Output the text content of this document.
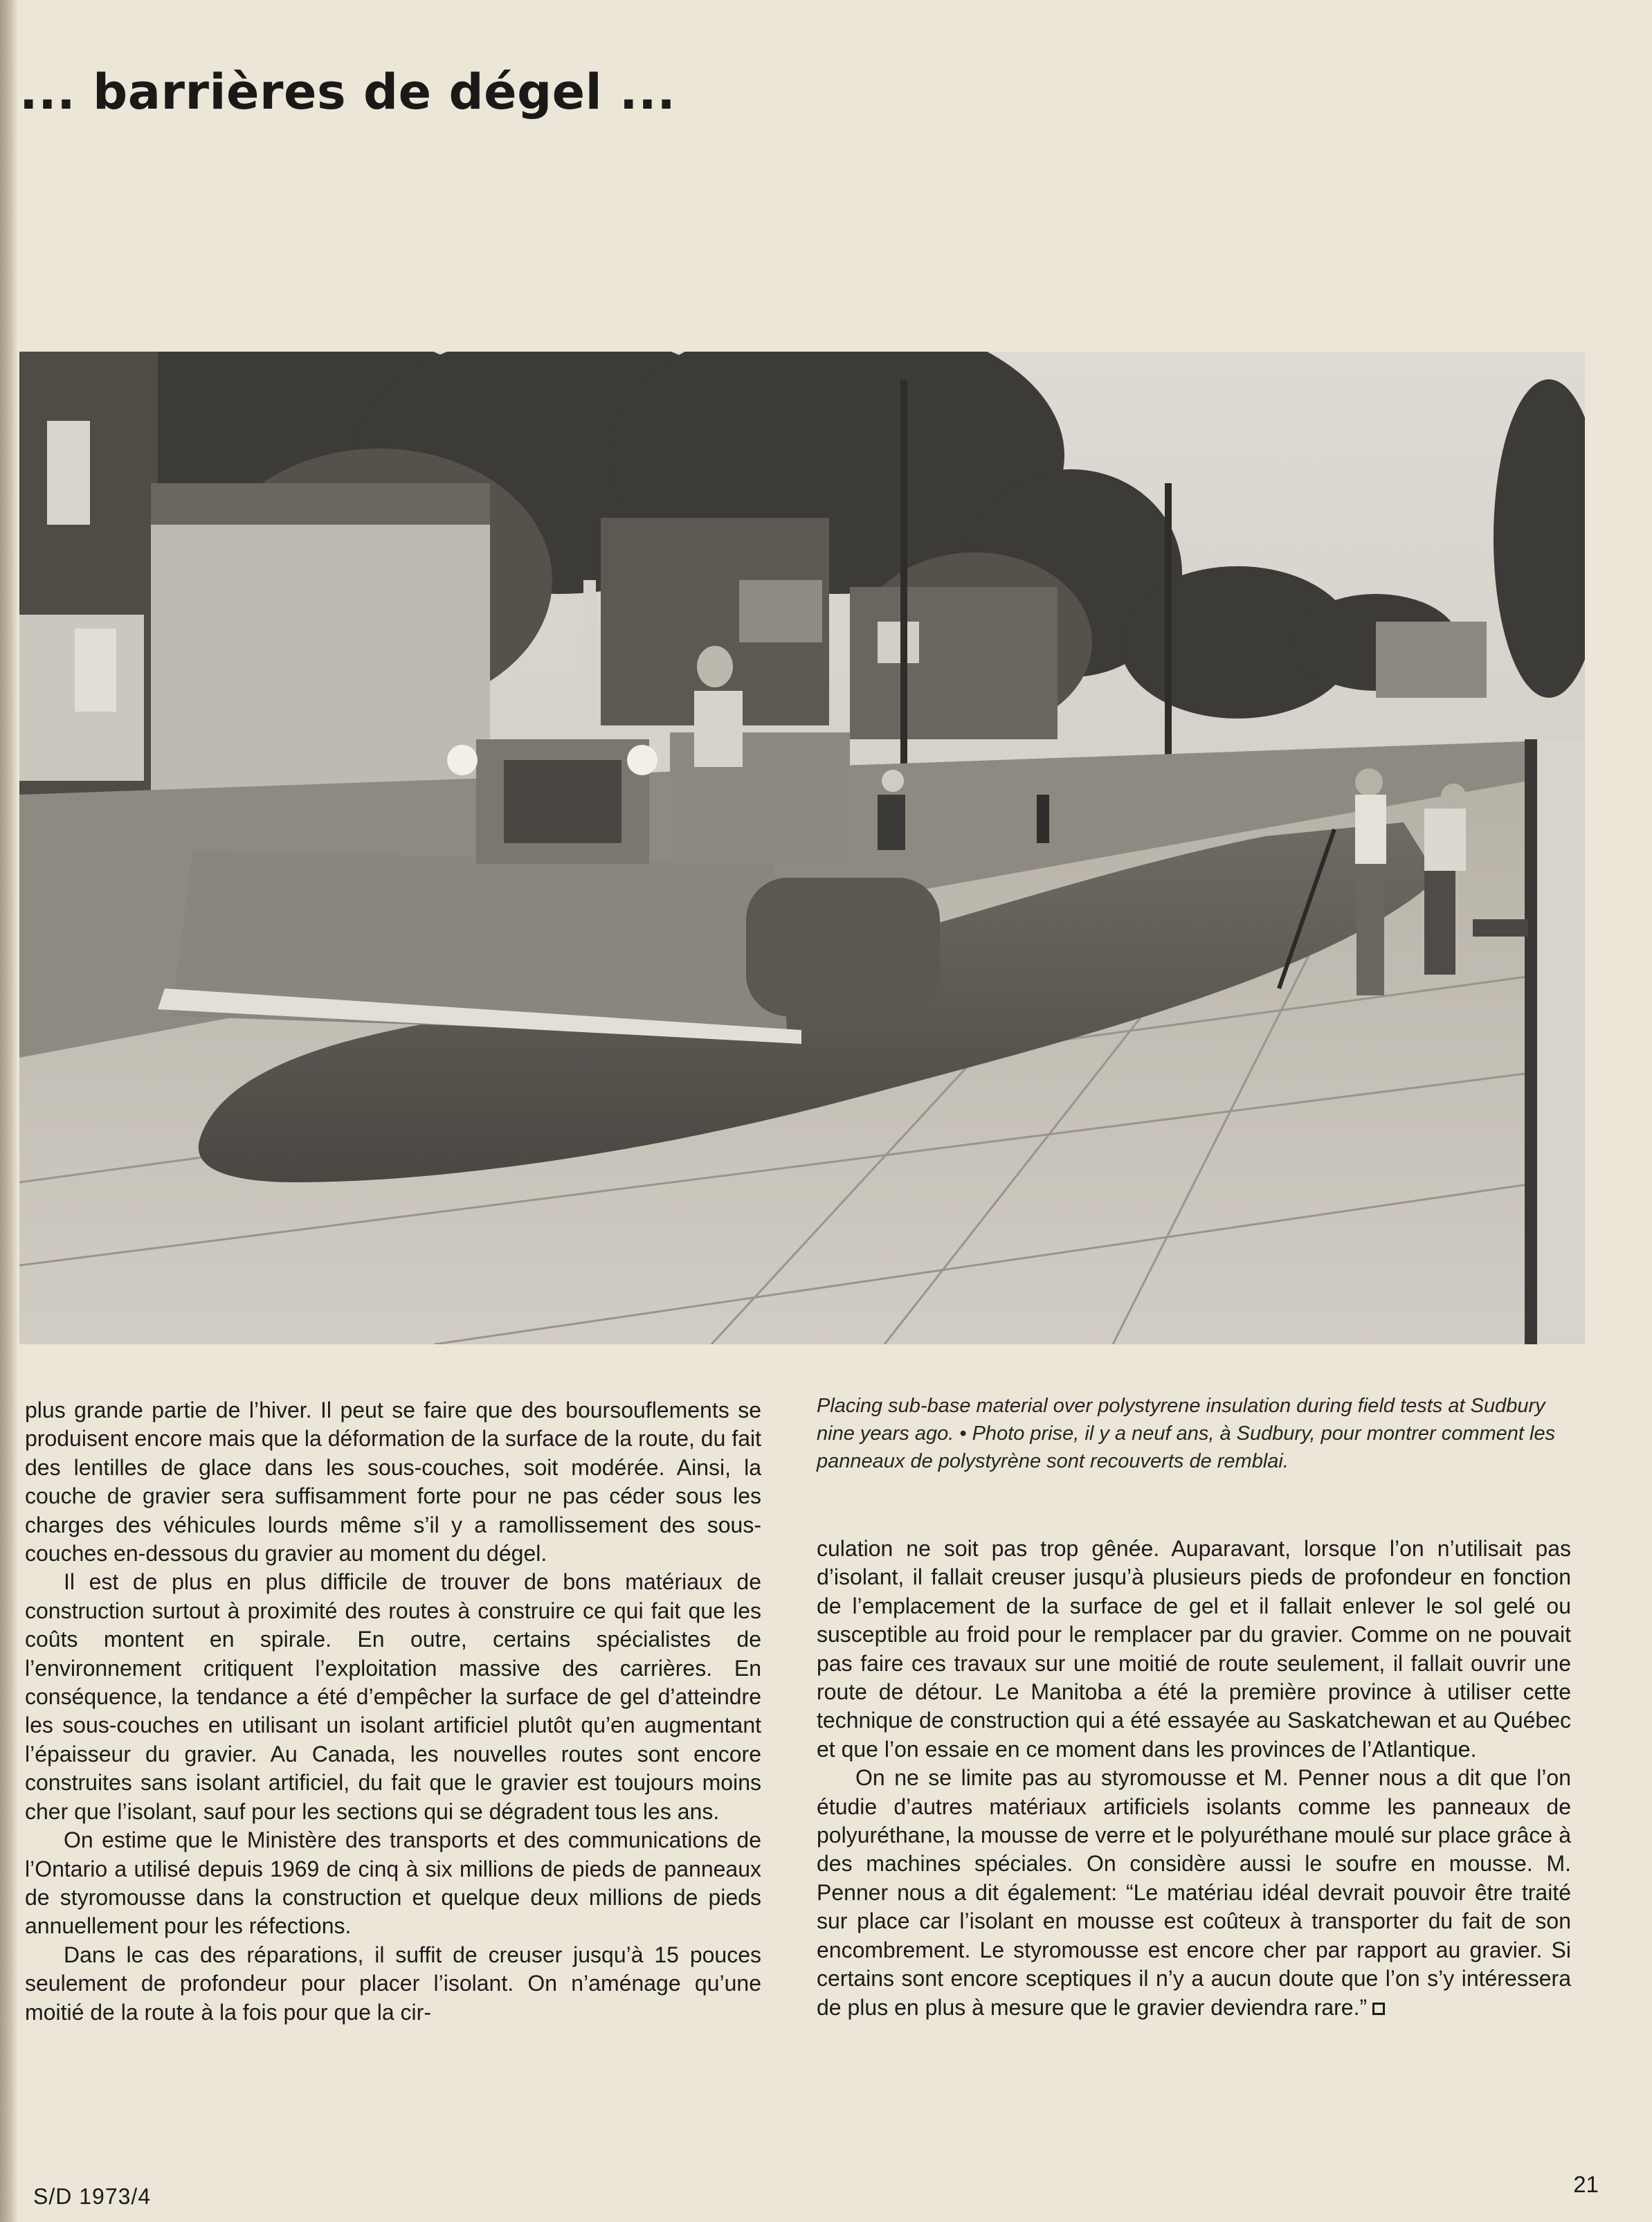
... barrières de dégel ...

plus grande partie de l’hiver. Il peut se faire que des boursouflements se produisent encore mais que la déformation de la surface de la route, du fait des lentilles de glace dans les sous-couches, soit modérée. Ainsi, la couche de gravier sera suffisamment forte pour ne pas céder sous les charges des véhicules lourds même s’il y a ramollissement des sous-couches en-dessous du gravier au moment du dégel.

Il est de plus en plus difficile de trouver de bons matériaux de construction surtout à proximité des routes à construire ce qui fait que les coûts montent en spirale. En outre, certains spécialistes de l’environnement critiquent l’exploitation massive des carrières. En conséquence, la tendance a été d’empêcher la surface de gel d’atteindre les sous-couches en utilisant un isolant artificiel plutôt qu’en augmentant l’épaisseur du gravier. Au Canada, les nouvelles routes sont encore construites sans isolant artificiel, du fait que le gravier est toujours moins cher que l’isolant, sauf pour les sections qui se dégradent tous les ans.

On estime que le Ministère des transports et des communications de l’Ontario a utilisé depuis 1969 de cinq à six millions de pieds de panneaux de styromousse dans la construction et quelque deux millions de pieds annuellement pour les réfections.

Dans le cas des réparations, il suffit de creuser jusqu’à 15 pouces seulement de profondeur pour placer l’isolant. On n’aménage qu’une moitié de la route à la fois pour que la cir-

Placing sub-base material over polystyrene insulation during field tests at Sudbury nine years ago. • Photo prise, il y a neuf ans, à Sudbury, pour montrer comment les panneaux de polystyrène sont recouverts de remblai.

culation ne soit pas trop gênée. Auparavant, lorsque l’on n’utilisait pas d’isolant, il fallait creuser jusqu’à plusieurs pieds de profondeur en fonction de l’emplacement de la surface de gel et il fallait enlever le sol gelé ou susceptible au froid pour le remplacer par du gravier. Comme on ne pouvait pas faire ces travaux sur une moitié de route seulement, il fallait ouvrir une route de détour. Le Manitoba a été la première province à utiliser cette technique de construction qui a été essayée au Saskatchewan et au Québec et que l’on essaie en ce moment dans les provinces de l’Atlantique.

On ne se limite pas au styromousse et M. Penner nous a dit que l’on étudie d’autres matériaux artificiels isolants comme les panneaux de polyuréthane, la mousse de verre et le polyuréthane moulé sur place grâce à des machines spéciales. On considère aussi le soufre en mousse. M. Penner nous a dit également: “Le matériau idéal devrait pouvoir être traité sur place car l’isolant en mousse est coûteux à transporter du fait de son encombrement. Le styromousse est encore cher par rapport au gravier. Si certains sont encore sceptiques il n’y a aucun doute que l’on s’y intéressera de plus en plus à mesure que le gravier deviendra rare.”

S/D 1973/4	21
